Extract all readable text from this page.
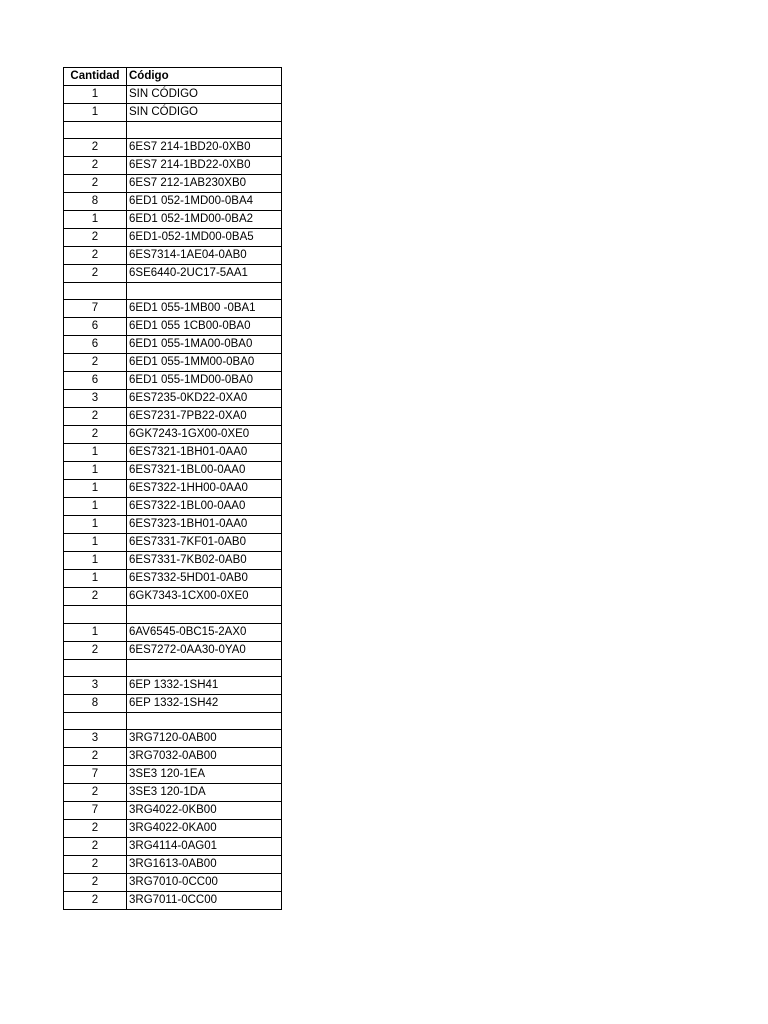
Cantidad	Código
1	SIN CÓDIGO
1	SIN CÓDIGO

2	6ES7 214-1BD20-0XB0
2	6ES7 214-1BD22-0XB0
2	6ES7 212-1AB230XB0
8	6ED1 052-1MD00-0BA4
1	6ED1 052-1MD00-0BA2
2	6ED1-052-1MD00-0BA5
2	6ES7314-1AE04-0AB0
2	6SE6440-2UC17-5AA1

7	6ED1 055-1MB00 -0BA1
6	6ED1 055 1CB00-0BA0
6	6ED1 055-1MA00-0BA0
2	6ED1 055-1MM00-0BA0
6	6ED1 055-1MD00-0BA0
3	6ES7235-0KD22-0XA0
2	6ES7231-7PB22-0XA0
2	6GK7243-1GX00-0XE0
1	6ES7321-1BH01-0AA0
1	6ES7321-1BL00-0AA0
1	6ES7322-1HH00-0AA0
1	6ES7322-1BL00-0AA0
1	6ES7323-1BH01-0AA0
1	6ES7331-7KF01-0AB0
1	6ES7331-7KB02-0AB0
1	6ES7332-5HD01-0AB0
2	6GK7343-1CX00-0XE0

1	6AV6545-0BC15-2AX0
2	6ES7272-0AA30-0YA0

3	6EP 1332-1SH41
8	6EP 1332-1SH42

3	3RG7120-0AB00
2	3RG7032-0AB00
7	3SE3 120-1EA
2	3SE3 120-1DA
7	3RG4022-0KB00
2	3RG4022-0KA00
2	3RG4114-0AG01
2	3RG1613-0AB00
2	3RG7010-0CC00
2	3RG7011-0CC00
